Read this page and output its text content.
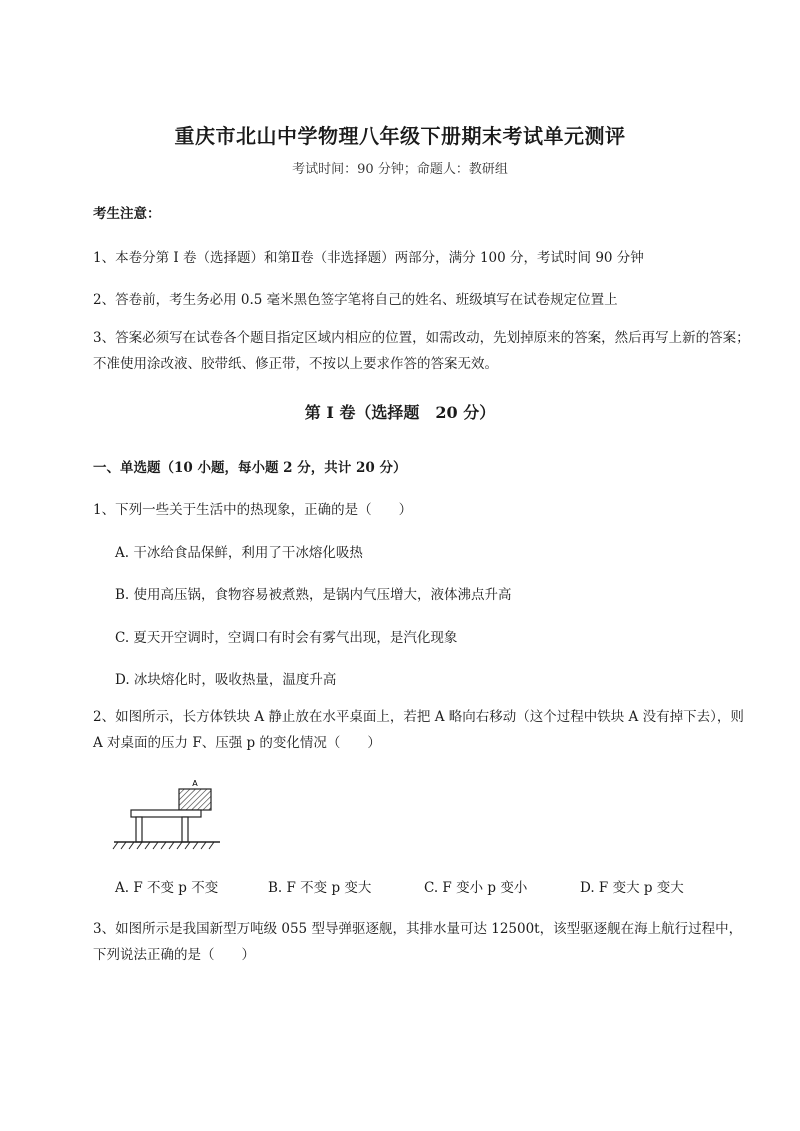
重庆市北山中学物理八年级下册期末考试单元测评
考试时间：90 分钟；命题人：教研组
考生注意：
1、本卷分第 I 卷（选择题）和第Ⅱ卷（非选择题）两部分，满分 100 分，考试时间 90 分钟
2、答卷前，考生务必用 0.5 毫米黑色签字笔将自己的姓名、班级填写在试卷规定位置上
3、答案必须写在试卷各个题目指定区域内相应的位置，如需改动，先划掉原来的答案，然后再写上新的答案；不准使用涂改液、胶带纸、修正带，不按以上要求作答的答案无效。
第 I 卷（选择题　20 分）
一、单选题（10 小题，每小题 2 分，共计 20 分）
1、下列一些关于生活中的热现象，正确的是（　　）
A. 干冰给食品保鲜，利用了干冰熔化吸热
B. 使用高压锅，食物容易被煮熟，是锅内气压增大，液体沸点升高
C. 夏天开空调时，空调口有时会有雾气出现，是汽化现象
D. 冰块熔化时，吸收热量，温度升高
2、如图所示，长方体铁块 A 静止放在水平桌面上，若把 A 略向右移动（这个过程中铁块 A 没有掉下去），则 A 对桌面的压力 F、压强 p 的变化情况（　　）
A
A. F 不变 p 不变	B. F 不变 p 变大	C. F 变小 p 变小	D. F 变大 p 变大
3、如图所示是我国新型万吨级 055 型导弹驱逐舰，其排水量可达 12500t，该型驱逐舰在海上航行过程中，下列说法正确的是（　　）
